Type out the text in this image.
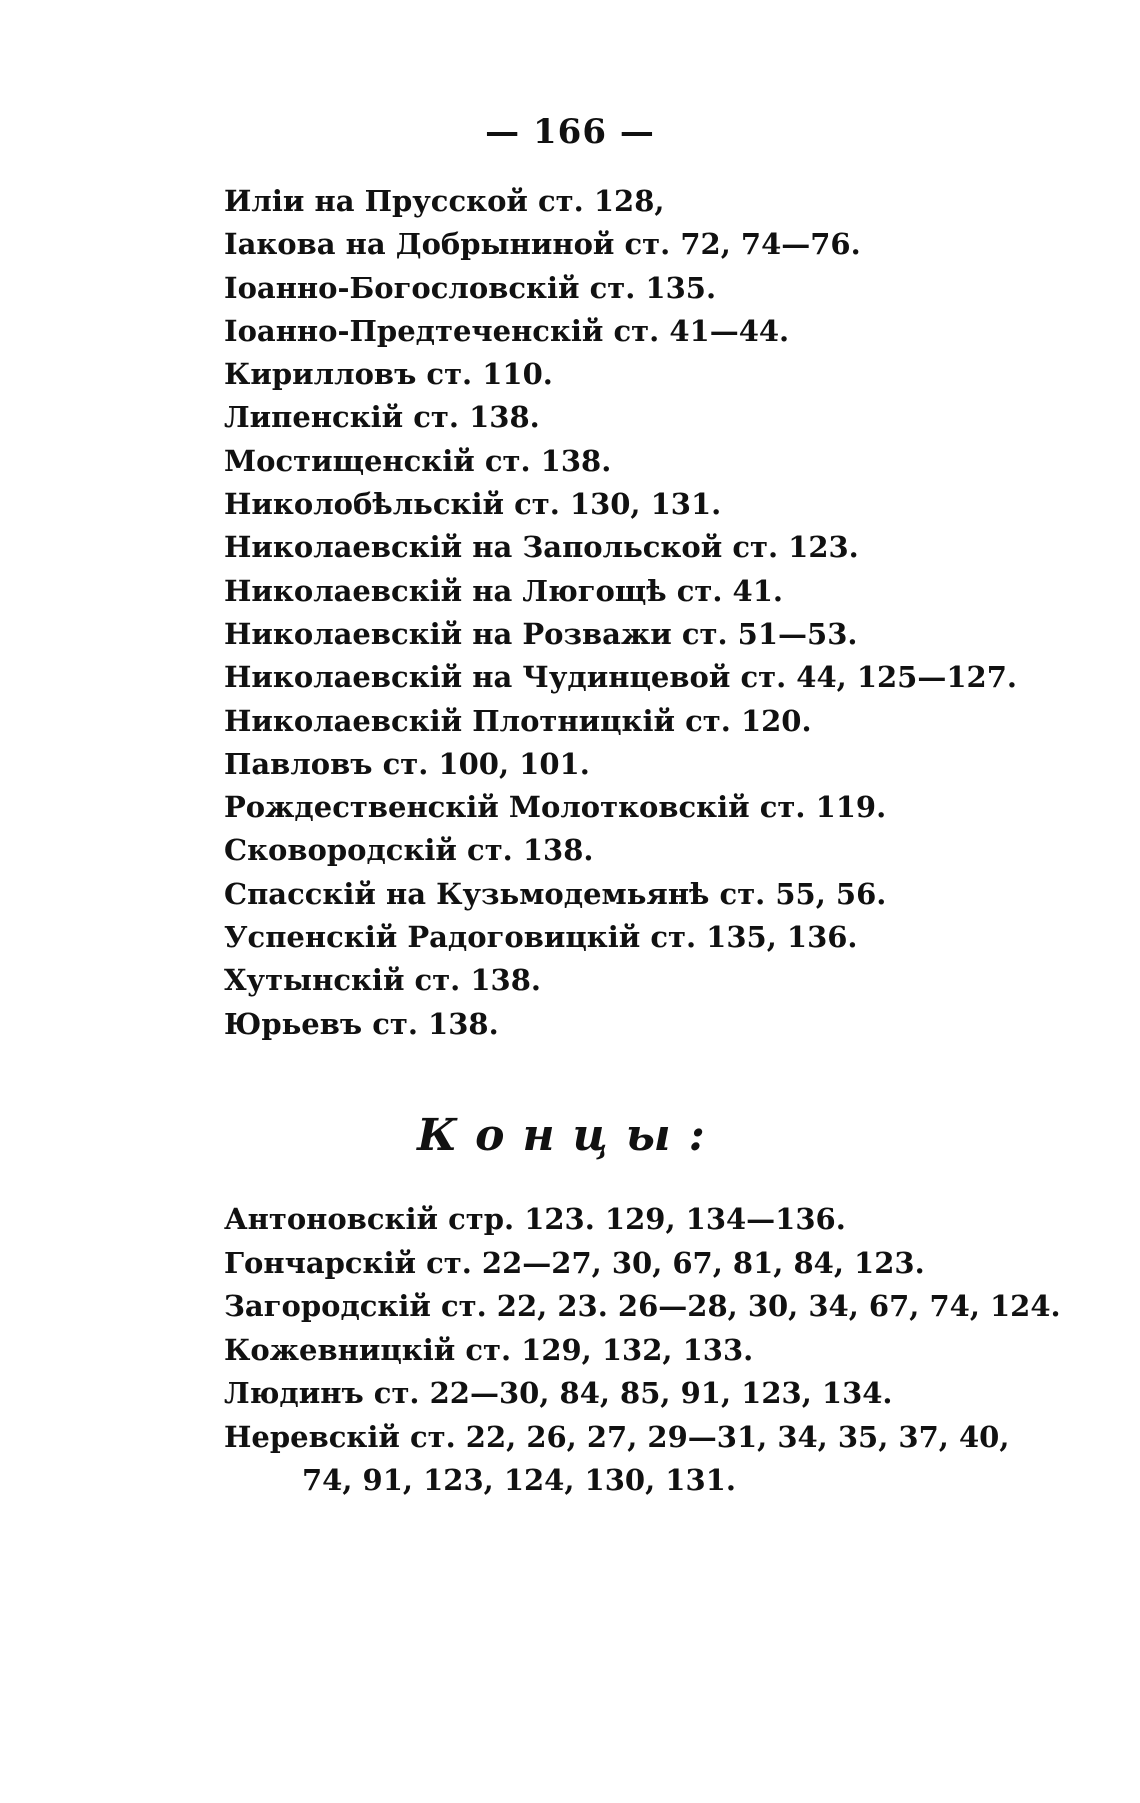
— 166 —
Иліи на Прусской ст. 128,
Іакова на Добрыниной ст. 72, 74—76.
Іоанно-Богословскій ст. 135.
Іоанно-Предтеченскій ст. 41—44.
Кирилловъ ст. 110.
Липенскій ст. 138.
Мостищенскій ст. 138.
Николобѣльскій ст. 130, 131.
Николаевскій на Запольской ст. 123.
Николаевскій на Люгощѣ ст. 41.
Николаевскій на Розважи ст. 51—53.
Николаевскій на Чудинцевой ст. 44, 125—127.
Николаевскій Плотницкій ст. 120.
Павловъ ст. 100, 101.
Рождественскій Молотковскій ст. 119.
Сковородскій ст. 138.
Спасскій на Кузьмодемьянѣ ст. 55, 56.
Успенскій Радоговицкій ст. 135, 136.
Хутынскій ст. 138.
Юрьевъ ст. 138.
Концы:
Антоновскій стр. 123. 129, 134—136.
Гончарскій ст. 22—27, 30, 67, 81, 84, 123.
Загородскій ст. 22, 23. 26—28, 30, 34, 67, 74, 124.
Кожевницкій ст. 129, 132, 133.
Людинъ ст. 22—30, 84, 85, 91, 123, 134.
Неревскій ст. 22, 26, 27, 29—31, 34, 35, 37, 40,
74, 91, 123, 124, 130, 131.
